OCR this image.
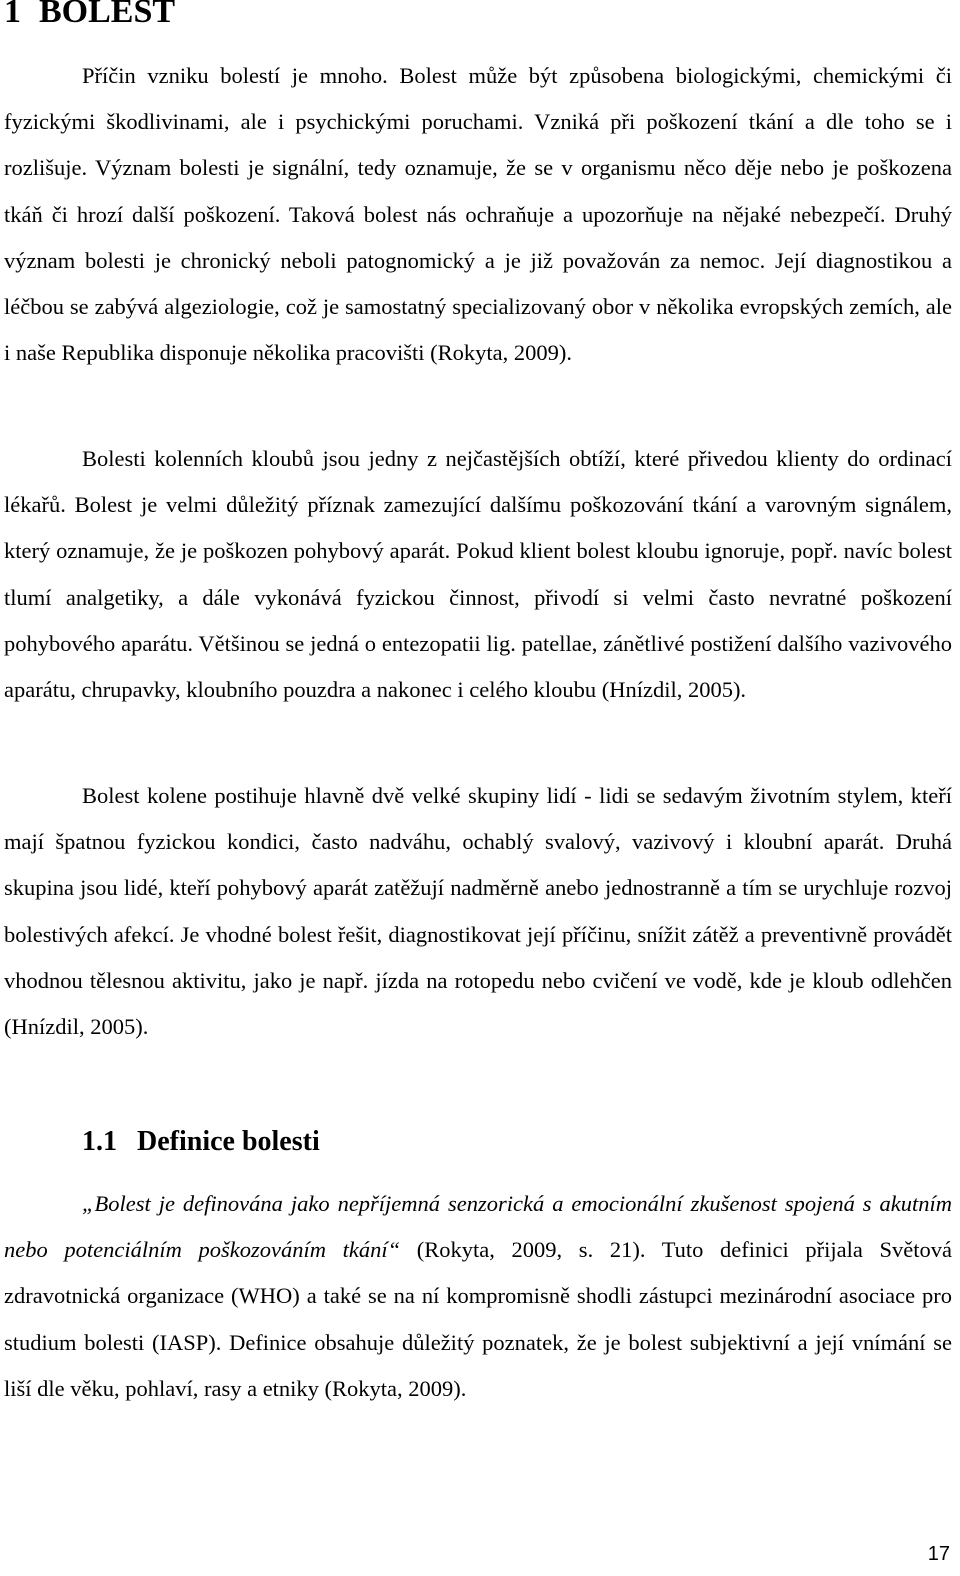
1 BOLEST

Příčin vzniku bolestí je mnoho. Bolest může být způsobena biologickými, chemickými či fyzickými škodlivinami, ale i psychickými poruchami. Vzniká při poškození tkání a dle toho se i rozlišuje. Význam bolesti je signální, tedy oznamuje, že se v organismu něco děje nebo je poškozena tkáň či hrozí další poškození. Taková bolest nás ochraňuje a upozorňuje na nějaké nebezpečí. Druhý význam bolesti je chronický neboli patognomický a je již považován za nemoc. Její diagnostikou a léčbou se zabývá algeziologie, což je samostatný specializovaný obor v několika evropských zemích, ale i naše Republika disponuje několika pracovišti (Rokyta, 2009).

Bolesti kolenních kloubů jsou jedny z nejčastějších obtíží, které přivedou klienty do ordinací lékařů. Bolest je velmi důležitý příznak zamezující dalšímu poškozování tkání a varovným signálem, který oznamuje, že je poškozen pohybový aparát. Pokud klient bolest kloubu ignoruje, popř. navíc bolest tlumí analgetiky, a dále vykonává fyzickou činnost, přivodí si velmi často nevratné poškození pohybového aparátu. Většinou se jedná o entezopatii lig. patellae, zánětlivé postižení dalšího vazivového aparátu, chrupavky, kloubního pouzdra a nakonec i celého kloubu (Hnízdil, 2005).

Bolest kolene postihuje hlavně dvě velké skupiny lidí - lidi se sedavým životním stylem, kteří mají špatnou fyzickou kondici, často nadváhu, ochablý svalový, vazivový i kloubní aparát. Druhá skupina jsou lidé, kteří pohybový aparát zatěžují nadměrně anebo jednostranně a tím se urychluje rozvoj bolestivých afekcí. Je vhodné bolest řešit, diagnostikovat její příčinu, snížit zátěž a preventivně provádět vhodnou tělesnou aktivitu, jako je např. jízda na rotopedu nebo cvičení ve vodě, kde je kloub odlehčen (Hnízdil, 2005).

1.1 Definice bolesti

„Bolest je definována jako nepříjemná senzorická a emocionální zkušenost spojená s akutním nebo potenciálním poškozováním tkání“ (Rokyta, 2009, s. 21). Tuto definici přijala Světová zdravotnická organizace (WHO) a také se na ní kompromisně shodli zástupci mezinárodní asociace pro studium bolesti (IASP). Definice obsahuje důležitý poznatek, že je bolest subjektivní a její vnímání se liší dle věku, pohlaví, rasy a etniky (Rokyta, 2009).

17
